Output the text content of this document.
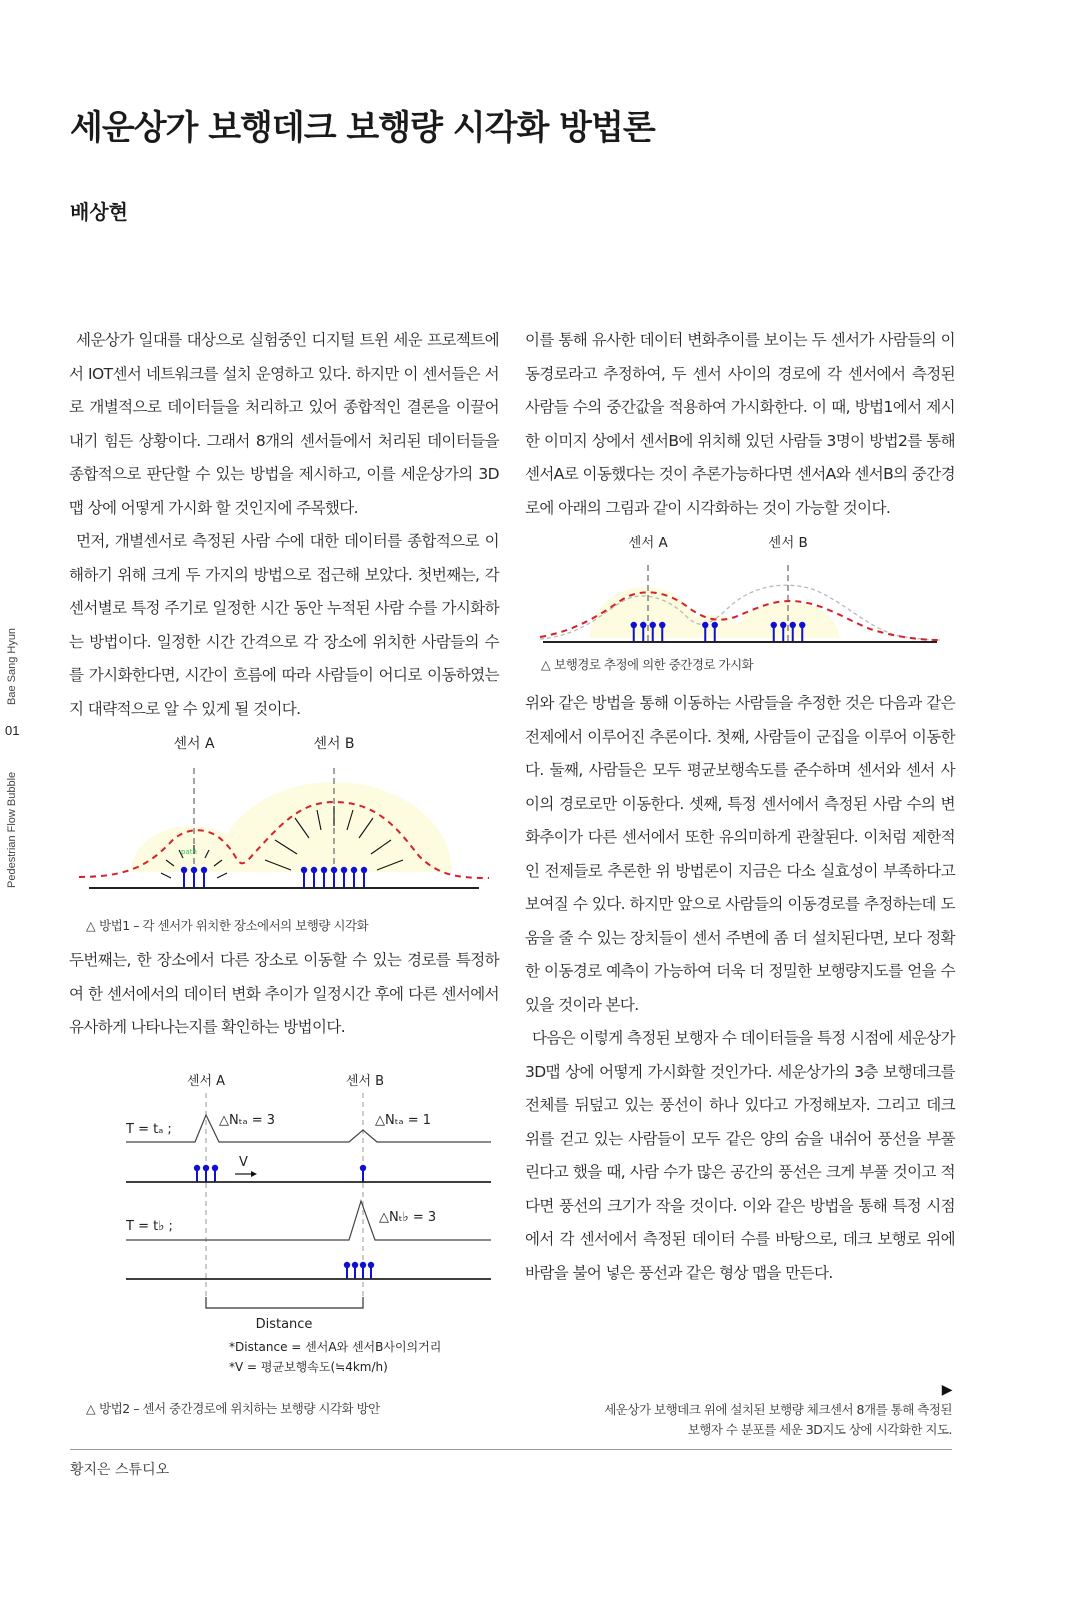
세운상가 보행데크 보행량 시각화 방법론
배상현
Bae Sang Hyun
01
Pedestrian Flow Bubble

세운상가 일대를 대상으로 실험중인 디지털 트윈 세운 프로젝트에서 IOT센서 네트워크를 설치 운영하고 있다. 하지만 이 센서들은 서로 개별적으로 데이터들을 처리하고 있어 종합적인 결론을 이끌어 내기 힘든 상황이다. 그래서 8개의 센서들에서 처리된 데이터들을 종합적으로 판단할 수 있는 방법을 제시하고, 이를 세운상가의 3D맵 상에 어떻게 가시화 할 것인지에 주목했다.

먼저, 개별센서로 측정된 사람 수에 대한 데이터를 종합적으로 이해하기 위해 크게 두 가지의 방법으로 접근해 보았다. 첫번째는, 각 센서별로 특정 주기로 일정한 시간 동안 누적된 사람 수를 가시화하는 방법이다. 일정한 시간 간격으로 각 장소에 위치한 사람들의 수를 가시화한다면, 시간이 흐름에 따라 사람들이 어디로 이동하였는지 대략적으로 알 수 있게 될 것이다.

센서 A	센서 B
path
△ 방법1 – 각 센서가 위치한 장소에서의 보행량 시각화

두번째는, 한 장소에서 다른 장소로 이동할 수 있는 경로를 특정하여 한 센서에서의 데이터 변화 추이가 일정시간 후에 다른 센서에서 유사하게 나타나는지를 확인하는 방법이다.

센서 A	센서 B
T = tₐ ;
△Nₜₐ = 3	△Nₜₐ = 1
V
T = t♭ ;
△Nₜ♭ = 3
Distance
*Distance = 센서A와 센서B사이의거리
*V = 평균보행속도(≒4km/h)
△ 방법2 – 센서 중간경로에 위치하는 보행량 시각화 방안

이를 통해 유사한 데이터 변화추이를 보이는 두 센서가 사람들의 이동경로라고 추정하여, 두 센서 사이의 경로에 각 센서에서 측정된 사람들 수의 중간값을 적용하여 가시화한다. 이 때, 방법1에서 제시한 이미지 상에서 센서B에 위치해 있던 사람들 3명이 방법2를 통해 센서A로 이동했다는 것이 추론가능하다면 센서A와 센서B의 중간경로에 아래의 그림과 같이 시각화하는 것이 가능할 것이다.

센서 A	센서 B
△ 보행경로 추정에 의한 중간경로 가시화

위와 같은 방법을 통해 이동하는 사람들을 추정한 것은 다음과 같은 전제에서 이루어진 추론이다. 첫째, 사람들이 군집을 이루어 이동한다. 둘째, 사람들은 모두 평균보행속도를 준수하며 센서와 센서 사이의 경로로만 이동한다. 셋째, 특정 센서에서 측정된 사람 수의 변화추이가 다른 센서에서 또한 유의미하게 관찰된다. 이처럼 제한적인 전제들로 추론한 위 방법론이 지금은 다소 실효성이 부족하다고 보여질 수 있다. 하지만 앞으로 사람들의 이동경로를 추정하는데 도움을 줄 수 있는 장치들이 센서 주변에 좀 더 설치된다면, 보다 정확한 이동경로 예측이 가능하여 더욱 더 정밀한 보행량지도를 얻을 수 있을 것이라 본다.

다음은 이렇게 측정된 보행자 수 데이터들을 특정 시점에 세운상가 3D맵 상에 어떻게 가시화할 것인가다. 세운상가의 3층 보행데크를 전체를 뒤덮고 있는 풍선이 하나 있다고 가정해보자. 그리고 데크 위를 걷고 있는 사람들이 모두 같은 양의 숨을 내쉬어 풍선을 부풀린다고 했을 때, 사람 수가 많은 공간의 풍선은 크게 부풀 것이고 적다면 풍선의 크기가 작을 것이다. 이와 같은 방법을 통해 특정 시점에서 각 센서에서 측정된 데이터 수를 바탕으로, 데크 보행로 위에 바람을 불어 넣은 풍선과 같은 형상 맵을 만든다.

▶
세운상가 보행데크 위에 설치된 보행량 체크센서 8개를 통해 측정된
보행자 수 분포를 세운 3D지도 상에 시각화한 지도.
황지은 스튜디오
